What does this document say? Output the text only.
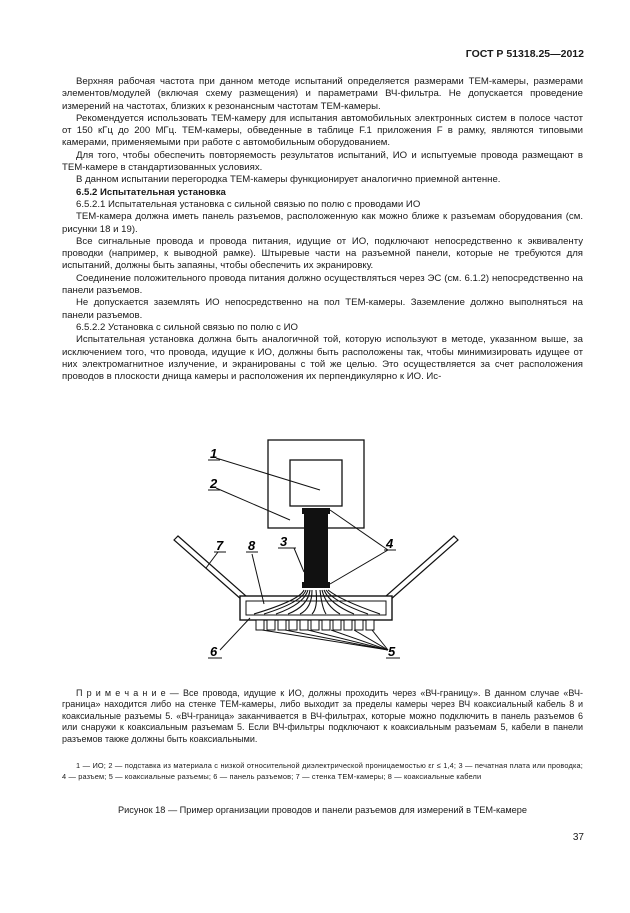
ГОСТ Р 51318.25—2012

Верхняя рабочая частота при данном методе испытаний определяется размерами ТЕМ-камеры, размерами элементов/модулей (включая схему размещения) и параметрами ВЧ-фильтра. Не допускается проведение измерений на частотах, близких к резонансным частотам ТЕМ-камеры.

Рекомендуется использовать ТЕМ-камеру для испытания автомобильных электронных систем в полосе частот от 150 кГц до 200 МГц. ТЕМ-камеры, обведенные в таблице F.1 приложения F в рамку, являются типовыми камерами, применяемыми при работе с автомобильным оборудованием.

Для того, чтобы обеспечить повторяемость результатов испытаний, ИО и испытуемые провода размещают в ТЕМ-камере в стандартизованных условиях.

В данном испытании перегородка ТЕМ-камеры функционирует аналогично приемной антенне.

6.5.2 Испытательная установка

6.5.2.1 Испытательная установка с сильной связью по полю с проводами ИО

ТЕМ-камера должна иметь панель разъемов, расположенную как можно ближе к разъемам оборудования (см. рисунки 18 и 19).

Все сигнальные провода и провода питания, идущие от ИО, подключают непосредственно к эквиваленту проводки (например, к выводной рамке). Штыревые части на разъемной панели, которые не требуются для испытаний, должны быть запаяны, чтобы обеспечить их экранировку.

Соединение положительного провода питания должно осуществляться через ЭС (см. 6.1.2) непосредственно на панели разъемов.

Не допускается заземлять ИО непосредственно на пол ТЕМ-камеры. Заземление должно выполняться на панели разъемов.

6.5.2.2 Установка с сильной связью по полю с ИО

Испытательная установка должна быть аналогичной той, которую используют в методе, указанном выше, за исключением того, что провода, идущие к ИО, должны быть расположены так, чтобы минимизировать идущее от них электромагнитное излучение, и экранированы с той же целью. Это осуществляется за счет расположения проводов в плоскости днища камеры и расположения их перпендикулярно к ИО. Ис-

1
2
3	4
5
6
7 8
П р и м е ч а н и е — Все провода, идущие к ИО, должны проходить через «ВЧ-границу». В данном случае «ВЧ-граница» находится либо на стенке ТЕМ-камеры, либо выходит за пределы камеры через ВЧ коаксиальный кабель 8 и коаксиальные разъемы 5. «ВЧ-граница» заканчивается в ВЧ-фильтрах, которые можно подключить в панель разъемов 6 или снаружи к коаксиальным разъемам 5. Если ВЧ-фильтры подключают к коаксиальным разъемам 5, кабели в панели разъемов также должны быть коаксиальными.
1 — ИО; 2 — подставка из материала с низкой относительной диэлектрической проницаемостью εr ≤ 1,4; 3 — печатная плата или проводка; 4 — разъем; 5 — коаксиальные разъемы; 6 — панель разъемов; 7 — стенка ТЕМ-камеры; 8 — коаксиальные кабели
Рисунок 18 — Пример организации проводов и панели разъемов для измерений в ТЕМ-камере
37
